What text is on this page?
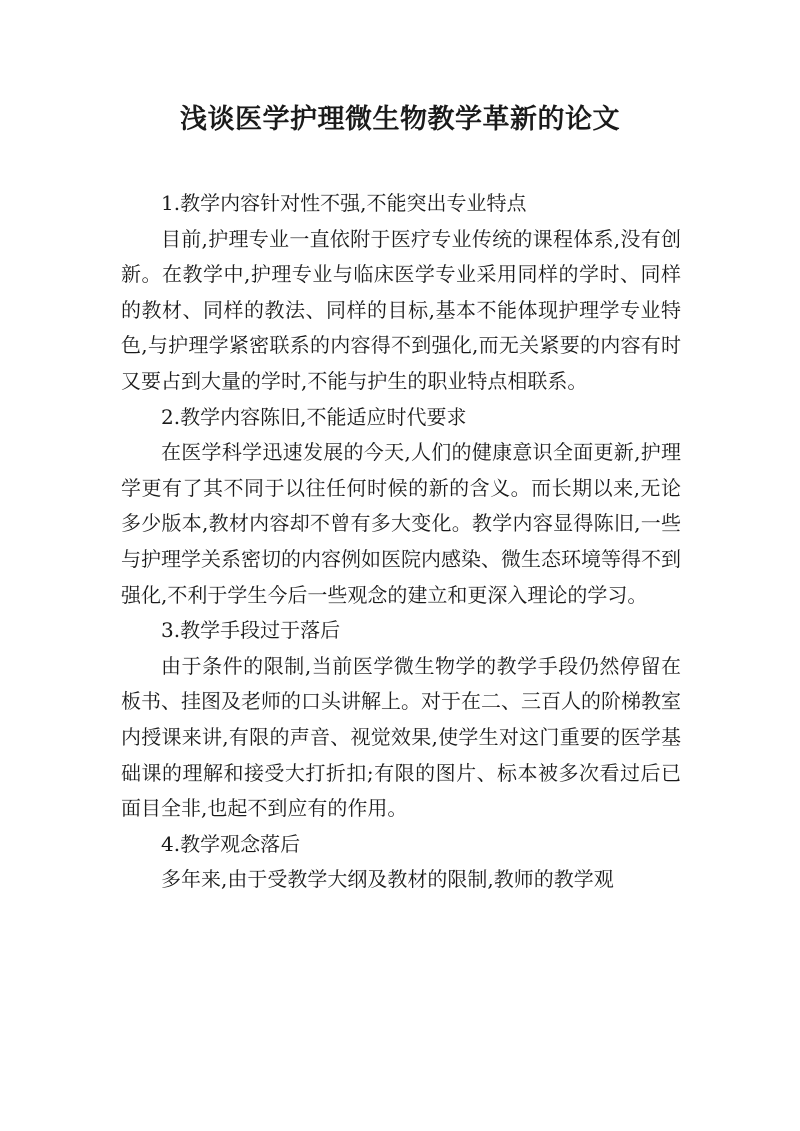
浅谈医学护理微生物教学革新的论文

1.教学内容针对性不强,不能突出专业特点

目前,护理专业一直依附于医疗专业传统的课程体系,没有创新。在教学中,护理专业与临床医学专业采用同样的学时、同样的教材、同样的教法、同样的目标,基本不能体现护理学专业特色,与护理学紧密联系的内容得不到强化,而无关紧要的内容有时又要占到大量的学时,不能与护生的职业特点相联系。

2.教学内容陈旧,不能适应时代要求

在医学科学迅速发展的今天,人们的健康意识全面更新,护理学更有了其不同于以往任何时候的新的含义。而长期以来,无论多少版本,教材内容却不曾有多大变化。教学内容显得陈旧,一些与护理学关系密切的内容例如医院内感染、微生态环境等得不到强化,不利于学生今后一些观念的建立和更深入理论的学习。

3.教学手段过于落后

由于条件的限制,当前医学微生物学的教学手段仍然停留在板书、挂图及老师的口头讲解上。对于在二、三百人的阶梯教室内授课来讲,有限的声音、视觉效果,使学生对这门重要的医学基础课的理解和接受大打折扣;有限的图片、标本被多次看过后已面目全非,也起不到应有的作用。

4.教学观念落后

多年来,由于受教学大纲及教材的限制,教师的教学观
